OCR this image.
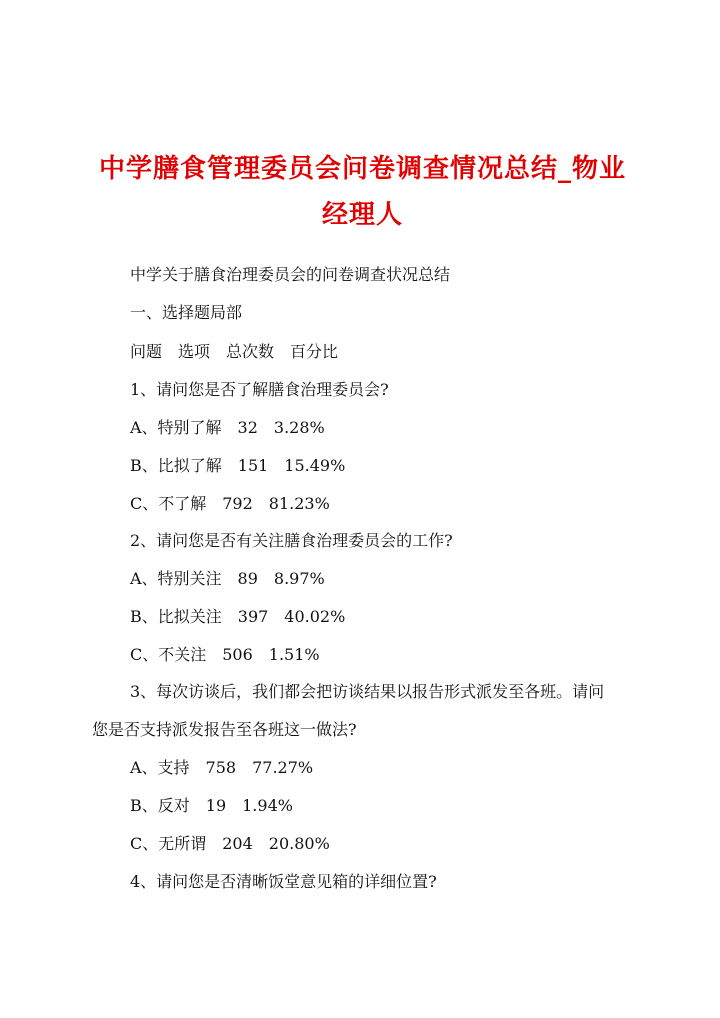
中学膳食管理委员会问卷调查情况总结_物业
经理人
中学关于膳食治理委员会的问卷调查状况总结
一、选择题局部
问题　选项　总次数　百分比
1、请问您是否了解膳食治理委员会?
A、特别了解　32　3.28%
B、比拟了解　151　15.49%
C、不了解　792　81.23%
2、请问您是否有关注膳食治理委员会的工作?
A、特别关注　89　8.97%
B、比拟关注　397　40.02%
C、不关注　506　1.51%
3、每次访谈后，我们都会把访谈结果以报告形式派发至各班。请问
您是否支持派发报告至各班这一做法?
A、支持　758　77.27%
B、反对　19　1.94%
C、无所谓　204　20.80%
4、请问您是否清晰饭堂意见箱的详细位置?
